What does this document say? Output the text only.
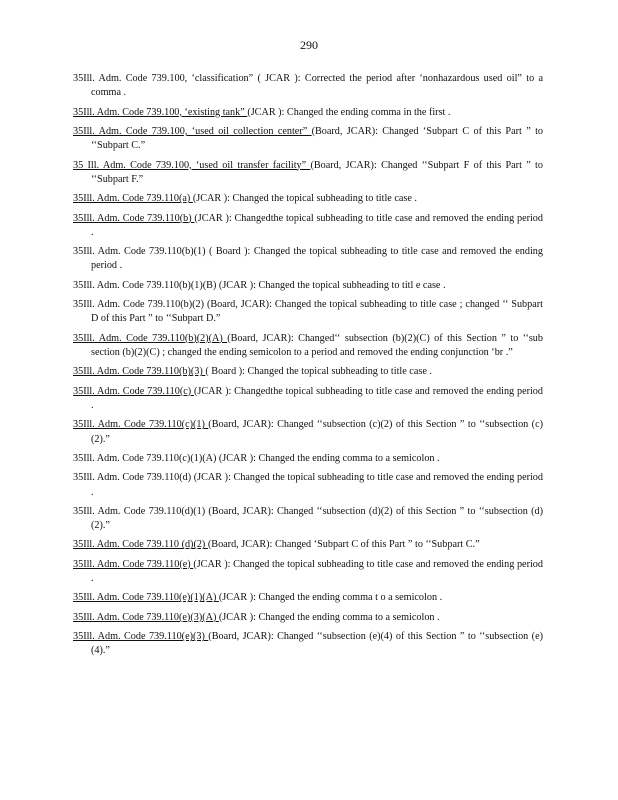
290

35Ill. Adm. Code 739.100, ‘classification” ( JCAR ): Corrected the period after ‘nonhazardous used oil” to a comma .

35Ill. Adm. Code 739.100, ‘existing tank” (JCAR ): Changed the ending comma in the first .

35Ill. Adm. Code 739.100, ‘used oil collection center” (Board, JCAR): Changed ‘Subpart C of this Part ” to ‘‘Subpart C.”

35 Ill. Adm. Code 739.100, ‘used oil transfer facility” (Board, JCAR): Changed ‘‘Subpart F of this Part ” to ‘‘Subpart F.”

35Ill. Adm. Code 739.110(a) (JCAR ): Changed the topical subheading to title case .

35Ill. Adm. Code 739.110(b) (JCAR ): Changedthe topical subheading to title case and removed the ending period .

35Ill. Adm. Code 739.110(b)(1) ( Board ): Changed the topical subheading to title case and removed the ending period .

35Ill. Adm. Code 739.110(b)(1)(B) (JCAR ): Changed the topical subheading to titl e case .

35Ill. Adm. Code 739.110(b)(2) (Board, JCAR): Changed the topical subheading to title case ; changed ‘‘ Subpart D of this Part ” to ‘‘Subpart D.”

35Ill. Adm. Code 739.110(b)(2)(A) (Board, JCAR): Changed‘‘ subsection (b)(2)(C) of this Section ” to ‘‘sub section (b)(2)(C) ; changed the ending semicolon to a period and removed the ending conjunction ‘br .”

35Ill. Adm. Code 739.110(b)(3) ( Board ): Changed the topical subheading to title case .

35Ill. Adm. Code 739.110(c) (JCAR ): Changedthe topical subheading to title case and removed the ending period .

35Ill. Adm. Code 739.110(c)(1) (Board, JCAR): Changed ‘‘subsection (c)(2) of this Section ” to ‘‘subsection (c)(2).”

35Ill. Adm. Code 739.110(c)(1)(A) (JCAR ): Changed the ending comma to a semicolon .

35Ill. Adm. Code 739.110(d) (JCAR ): Changed the topical subheading to title case and removed the ending period .

35Ill. Adm. Code 739.110(d)(1) (Board, JCAR): Changed ‘‘subsection (d)(2) of this Section ” to ‘‘subsection (d)(2).”

35Ill. Adm. Code 739.110 (d)(2) (Board, JCAR): Changed ‘Subpart C of this Part ” to ‘‘Subpart C.”

35Ill. Adm. Code 739.110(e) (JCAR ): Changed the topical subheading to title case and removed the ending period .

35Ill. Adm. Code 739.110(e)(1)(A) (JCAR ): Changed the ending comma t o a semicolon .

35Ill. Adm. Code 739.110(e)(3)(A) (JCAR ): Changed the ending comma to a semicolon .

35Ill. Adm. Code 739.110(e)(3) (Board, JCAR): Changed ‘‘subsection (e)(4) of this Section ” to ‘‘subsection (e)(4).”
